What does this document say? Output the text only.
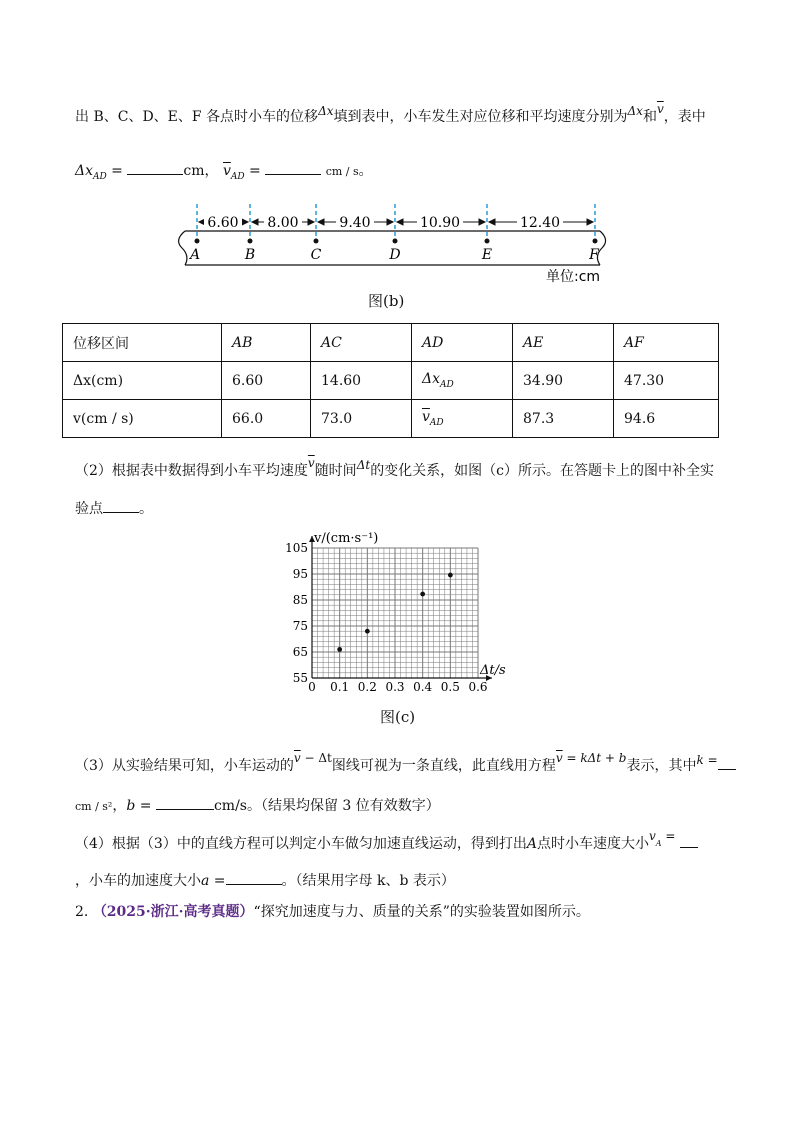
出 B、C、D、E、F 各点时小车的位移Δx填到表中，小车发生对应位移和平均速度分别为Δx和$\overline{v}$，表中
$\Delta x_{AD}$ =	cm， $\overline{v}_{AD}$ =	cm / s。
6.60 8.00	9.40	10.90	12.40
A	B	C	D	E	F
单位:cm
图(b)
位移区间	AB	AC	AD	AE	AF
Δx(cm)	6.60	14.60	$\Delta x_{AD}$	34.90	47.30
v(cm / s)	66.0	73.0	$\overline{v}_{AD}$	87.3	94.6
（2）根据表中数据得到小车平均速度$\overline{v}$随时间Δt的变化关系，如图（c）所示。在答题卡上的图中补全实
验点	。
0 0.1 0.2 0.3 0.4 0.5 0.6
55
65
75
85
95
105
v/(cm·s⁻¹)
Δt/s
图(c)
（3）从实验结果可知，小车运动的$\overline{v} - \Delta t$图线可视为一条直线，此直线用方程$\overline{v} = k\Delta t + b$表示，其中k =
cm / s²，b =	cm/s。（结果均保留 3 位有效数字）
（4）根据（3）中的直线方程可以判定小车做匀加速直线运动，得到打出A点时小车速度大小$v_A$ =
，小车的加速度大小a =	。（结果用字母 k、b 表示）
2. （2025·浙江·高考真题）“探究加速度与力、质量的关系”的实验装置如图所示。
